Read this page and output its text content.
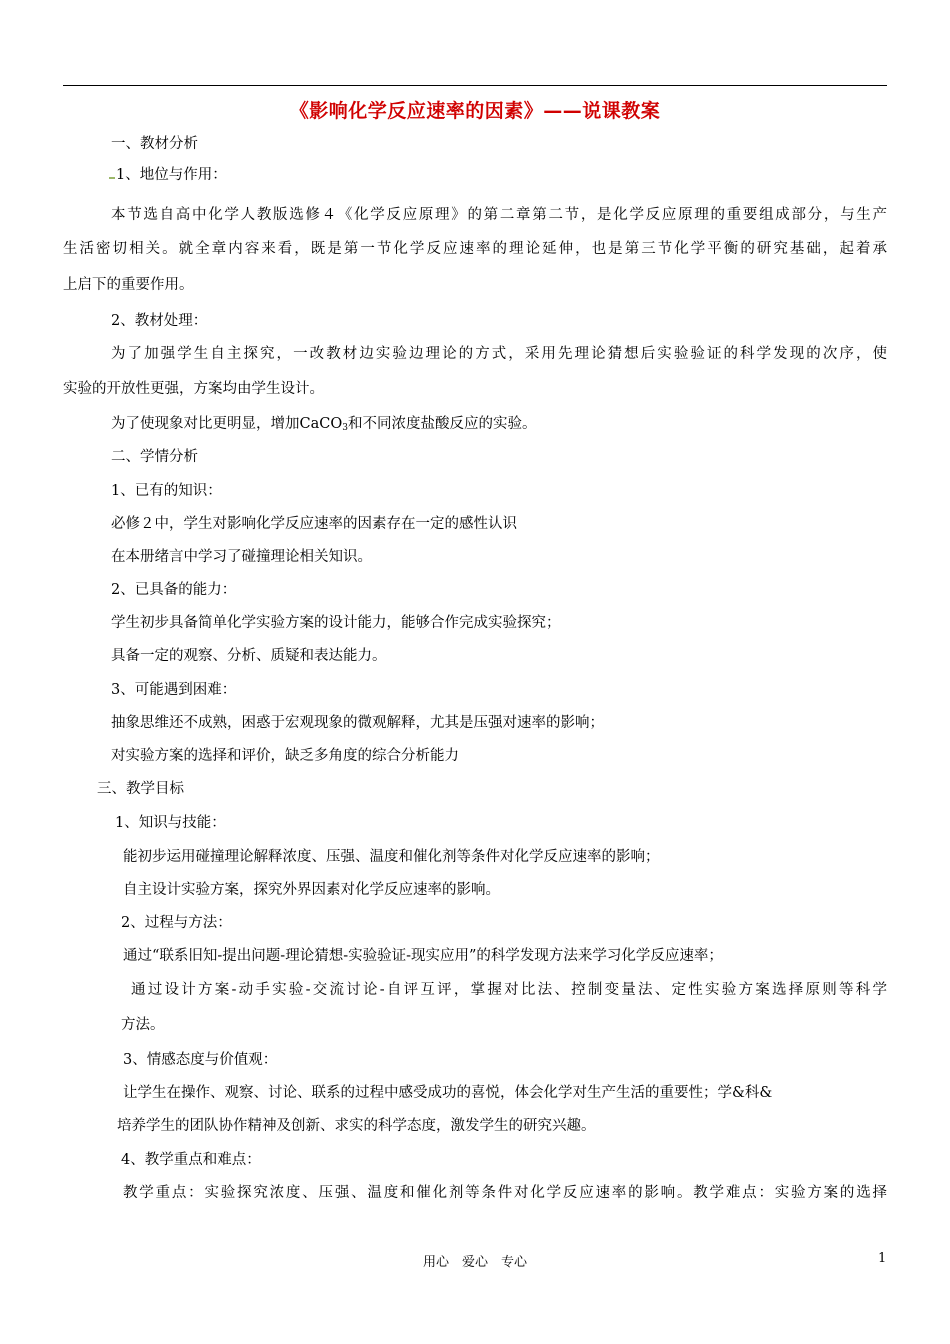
《影响化学反应速率的因素》——说课教案
一、教材分析
1、地位与作用：
本节选自高中化学人教版选修４《化学反应原理》的第二章第二节，是化学反应原理的重要组成部分，与生产
生活密切相关。就全章内容来看，既是第一节化学反应速率的理论延伸，也是第三节化学平衡的研究基础，起着承
上启下的重要作用。
2、教材处理：
为了加强学生自主探究，一改教材边实验边理论的方式，采用先理论猜想后实验验证的科学发现的次序，使
实验的开放性更强，方案均由学生设计。
为了使现象对比更明显，增加CaCO$_3$和不同浓度盐酸反应的实验。
二、学情分析
1、已有的知识：
必修２中，学生对影响化学反应速率的因素存在一定的感性认识
在本册绪言中学习了碰撞理论相关知识。
2、已具备的能力：
学生初步具备简单化学实验方案的设计能力，能够合作完成实验探究；
具备一定的观察、分析、质疑和表达能力。
3、可能遇到困难：
抽象思维还不成熟，困惑于宏观现象的微观解释，尤其是压强对速率的影响；
对实验方案的选择和评价，缺乏多角度的综合分析能力
三、教学目标
1、知识与技能：
能初步运用碰撞理论解释浓度、压强、温度和催化剂等条件对化学反应速率的影响；
自主设计实验方案，探究外界因素对化学反应速率的影响。
2、过程与方法：
通过“联系旧知-提出问题-理论猜想-实验验证-现实应用”的科学发现方法来学习化学反应速率；
通过设计方案-动手实验-交流讨论-自评互评，掌握对比法、控制变量法、定性实验方案选择原则等科学
方法。
3、情感态度与价值观：
让学生在操作、观察、讨论、联系的过程中感受成功的喜悦，体会化学对生产生活的重要性；学&科&
培养学生的团队协作精神及创新、求实的科学态度，激发学生的研究兴趣。
4、教学重点和难点：
教学重点：实验探究浓度、压强、温度和催化剂等条件对化学反应速率的影响。教学难点：实验方案的选择
用心　爱心　专心	1
